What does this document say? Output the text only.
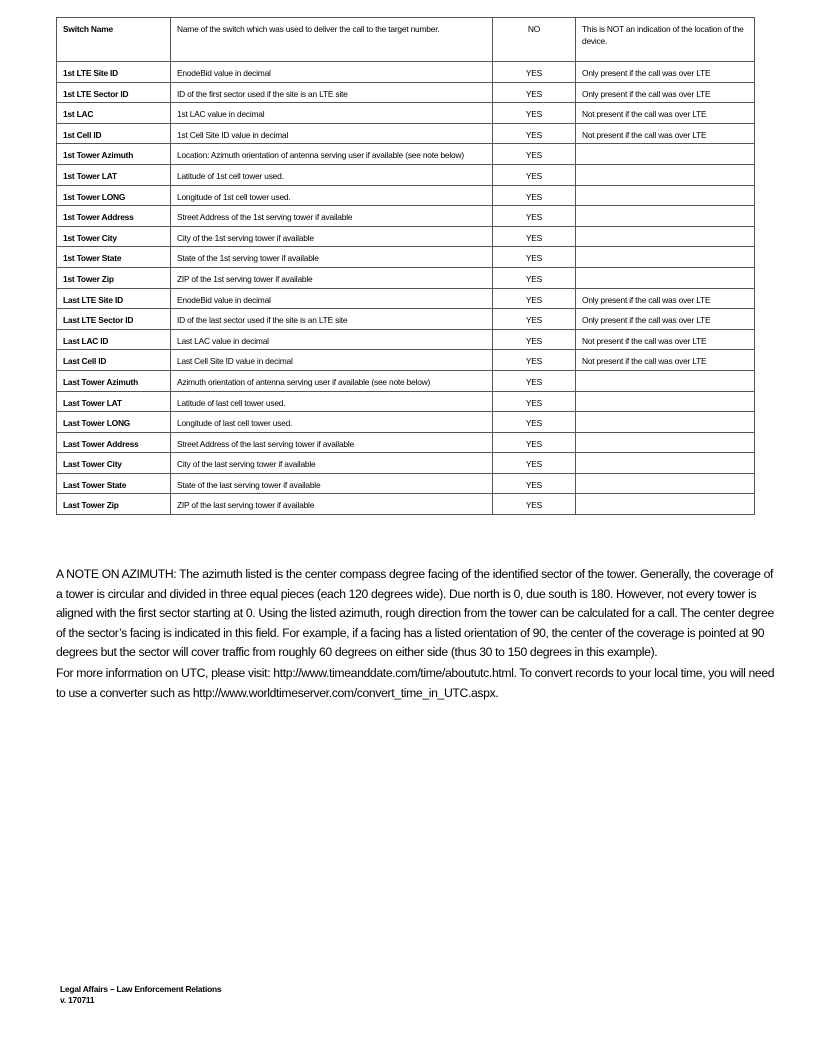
Switch Name	Name of the switch which was used to deliver the call to the target number.	NO	This is NOT an indication of the location of the device.

1st LTE Site ID	EnodeBid value in decimal	YES	Only present if the call was over LTE

1st LTE Sector ID	ID of the first sector used if the site is an LTE site	YES	Only present if the call was over LTE

1st LAC	1st LAC value in decimal	YES	Not present if the call was over LTE

1st Cell ID	1st Cell Site ID value in decimal	YES	Not present if the call was over LTE

1st Tower Azimuth	Location: Azimuth orientation of antenna serving user if available (see note below)	YES	

1st Tower LAT	Latitude of 1st cell tower used.	YES	

1st Tower LONG	Longitude of 1st cell tower used.	YES	

1st Tower Address	Street Address of the 1st serving tower if available	YES	

1st Tower City	City of the 1st serving tower if available	YES	

1st Tower State	State of the 1st serving tower if available	YES	

1st Tower Zip	ZIP of the 1st serving tower if available	YES	

Last LTE Site ID	EnodeBid value in decimal	YES	Only present if the call was over LTE

Last LTE Sector ID	ID of the last sector used if the site is an LTE site	YES	Only present if the call was over LTE

Last LAC ID	Last LAC value in decimal	YES	Not present if the call was over LTE

Last Cell ID	Last Cell Site ID value in decimal	YES	Not present if the call was over LTE

Last Tower Azimuth	Azimuth orientation of antenna serving user if available (see note below)	YES	

Last Tower LAT	Latitude of last cell tower used.	YES	

Last Tower LONG	Longitude of last cell tower used.	YES	

Last Tower Address	Street Address of the last serving tower if available	YES	

Last Tower City	City of the last serving tower if available	YES	

Last Tower State	State of the last serving tower if available	YES	

Last Tower Zip	ZIP of the last serving tower if available	YES	

A NOTE ON AZIMUTH: The azimuth listed is the center compass degree facing of the identified sector of the tower. Generally, the coverage of a tower is circular and divided in three equal pieces (each 120 degrees wide). Due north is 0, due south is 180. However, not every tower is aligned with the first sector starting at 0. Using the listed azimuth, rough direction from the tower can be calculated for a call. The center degree of the sector’s facing is indicated in this field. For example, if a facing has a listed orientation of 90, the center of the coverage is pointed at 90 degrees but the sector will cover traffic from roughly 60 degrees on either side (thus 30 to 150 degrees in this example).
For more information on UTC, please visit: http://www.timeanddate.com/time/aboututc.html. To convert records to your local time, you will need to use a converter such as http://www.worldtimeserver.com/convert_time_in_UTC.aspx.
Legal Affairs – Law Enforcement Relations
v. 170711
